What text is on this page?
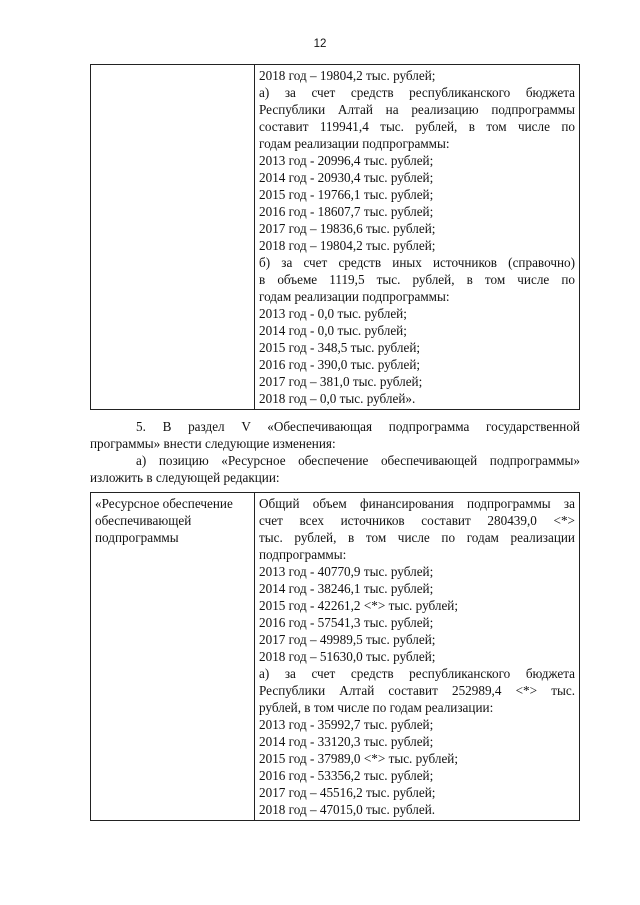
12

2018 год – 19804,2 тыс. рублей;
а) за счет средств республиканского бюджета
Республики Алтай на реализацию подпрограммы
составит 119941,4 тыс. рублей, в том числе по
годам реализации подпрограммы:
2013 год - 20996,4 тыс. рублей;
2014 год - 20930,4 тыс. рублей;
2015 год - 19766,1 тыс. рублей;
2016 год - 18607,7 тыс. рублей;
2017 год – 19836,6 тыс. рублей;
2018 год – 19804,2 тыс. рублей;
б) за счет средств иных источников (справочно)
в объеме 1119,5 тыс. рублей, в том числе по
годам реализации подпрограммы:
2013 год - 0,0 тыс. рублей;
2014 год - 0,0 тыс. рублей;
2015 год - 348,5 тыс. рублей;
2016 год - 390,0 тыс. рублей;
2017 год – 381,0 тыс. рублей;
2018 год – 0,0 тыс. рублей».
5. В раздел V «Обеспечивающая подпрограмма государственной
программы» внести следующие изменения:
а) позицию «Ресурсное обеспечение обеспечивающей подпрограммы»
изложить в следующей редакции:
«Ресурсное обеспечение
обеспечивающей
подпрограммы

Общий объем финансирования подпрограммы за
счет всех источников составит 280439,0 <*>
тыс. рублей, в том числе по годам реализации
подпрограммы:
2013 год - 40770,9 тыс. рублей;
2014 год - 38246,1 тыс. рублей;
2015 год - 42261,2 <*> тыс. рублей;
2016 год - 57541,3 тыс. рублей;
2017 год – 49989,5 тыс. рублей;
2018 год – 51630,0 тыс. рублей;
а) за счет средств республиканского бюджета
Республики Алтай составит 252989,4 <*> тыс.
рублей, в том числе по годам реализации:
2013 год - 35992,7 тыс. рублей;
2014 год - 33120,3 тыс. рублей;
2015 год - 37989,0 <*> тыс. рублей;
2016 год - 53356,2 тыс. рублей;
2017 год – 45516,2 тыс. рублей;
2018 год – 47015,0 тыс. рублей.
